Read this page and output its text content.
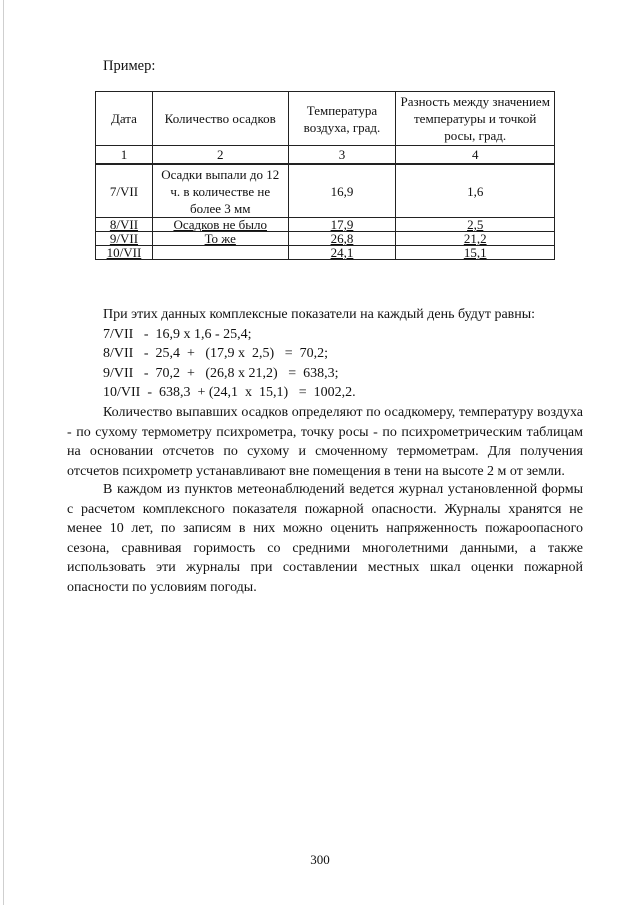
Пример:
Дата	Количество осадков	Температура воздуха, град.	Разность между значением температуры и точкой росы, град.
1	2	3	4
7/VII	Осадки выпали до 12 ч. в количестве не более 3 мм	16,9	1,6
8/VII	Осадков не было	17,9	2,5
9/VII	То же	26,8	21,2
10/VII		24,1	15,1
При этих данных комплексные показатели на каждый день будут равны:
7/VII   -  16,9 х 1,6 - 25,4;
8/VII   -  25,4  +   (17,9 х  2,5)   =  70,2;
9/VII   -  70,2  +   (26,8 х 21,2)   =  638,3;
10/VII  -  638,3  + (24,1  х  15,1)   =  1002,2.

Количество выпавших осадков определяют по осадкомеру, температуру воздуха - по сухому термометру психрометра, точку росы - по психрометрическим таблицам на основании отсчетов по сухому и смоченному термометрам. Для получения отсчетов психрометр устанавливают вне помещения в тени на высоте 2 м от земли.

В каждом из пунктов метеонаблюдений ведется журнал установленной формы с расчетом комплексного показателя пожарной опасности. Журналы хранятся не менее 10 лет, по записям в них можно оценить напряженность пожароопасного сезона, сравнивая горимость со средними многолетними данными, а также использовать эти журналы при составлении местных шкал оценки пожарной опасности по условиям погоды.

300
